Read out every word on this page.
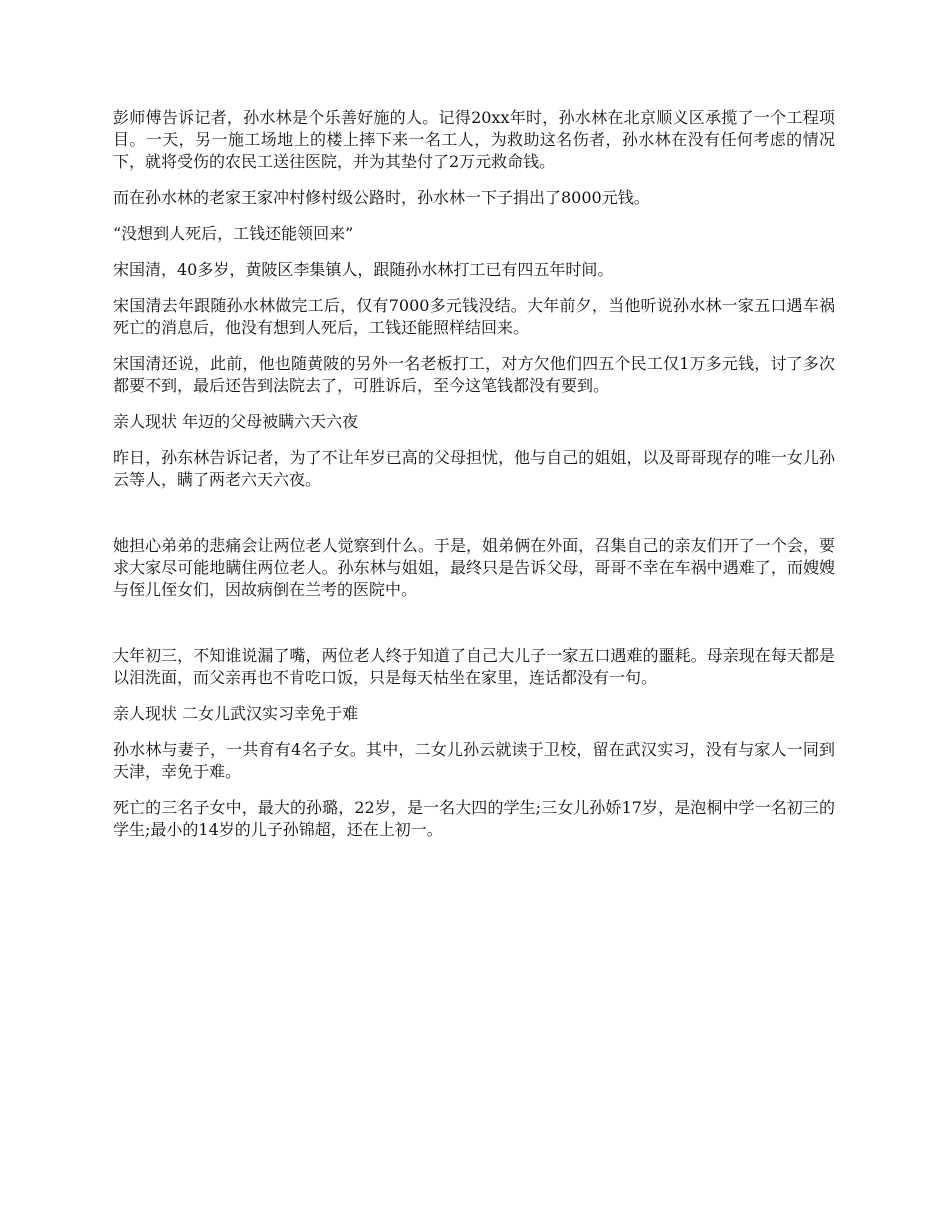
彭师傅告诉记者，孙水林是个乐善好施的人。记得20xx年时，孙水林在北京顺义区承揽了一个工程项目。一天，另一施工场地上的楼上摔下来一名工人，为救助这名伤者，孙水林在没有任何考虑的情况下，就将受伤的农民工送往医院，并为其垫付了2万元救命钱。

而在孙水林的老家王家冲村修村级公路时，孙水林一下子捐出了8000元钱。

“没想到人死后，工钱还能领回来”

宋国清，40多岁，黄陂区李集镇人，跟随孙水林打工已有四五年时间。

宋国清去年跟随孙水林做完工后，仅有7000多元钱没结。大年前夕，当他听说孙水林一家五口遇车祸死亡的消息后，他没有想到人死后，工钱还能照样结回来。

宋国清还说，此前，他也随黄陂的另外一名老板打工，对方欠他们四五个民工仅1万多元钱，讨了多次都要不到，最后还告到法院去了，可胜诉后，至今这笔钱都没有要到。

亲人现状 年迈的父母被瞒六天六夜

昨日，孙东林告诉记者，为了不让年岁已高的父母担忧，他与自己的姐姐，以及哥哥现存的唯一女儿孙云等人，瞒了两老六天六夜。

她担心弟弟的悲痛会让两位老人觉察到什么。于是，姐弟俩在外面，召集自己的亲友们开了一个会，要求大家尽可能地瞒住两位老人。孙东林与姐姐，最终只是告诉父母，哥哥不幸在车祸中遇难了，而嫂嫂与侄儿侄女们，因故病倒在兰考的医院中。

大年初三，不知谁说漏了嘴，两位老人终于知道了自己大儿子一家五口遇难的噩耗。母亲现在每天都是以泪洗面，而父亲再也不肯吃口饭，只是每天枯坐在家里，连话都没有一句。

亲人现状 二女儿武汉实习幸免于难

孙水林与妻子，一共育有4名子女。其中，二女儿孙云就读于卫校，留在武汉实习，没有与家人一同到天津，幸免于难。

死亡的三名子女中，最大的孙璐，22岁，是一名大四的学生;三女儿孙娇17岁，是泡桐中学一名初三的学生;最小的14岁的儿子孙锦超，还在上初一。
